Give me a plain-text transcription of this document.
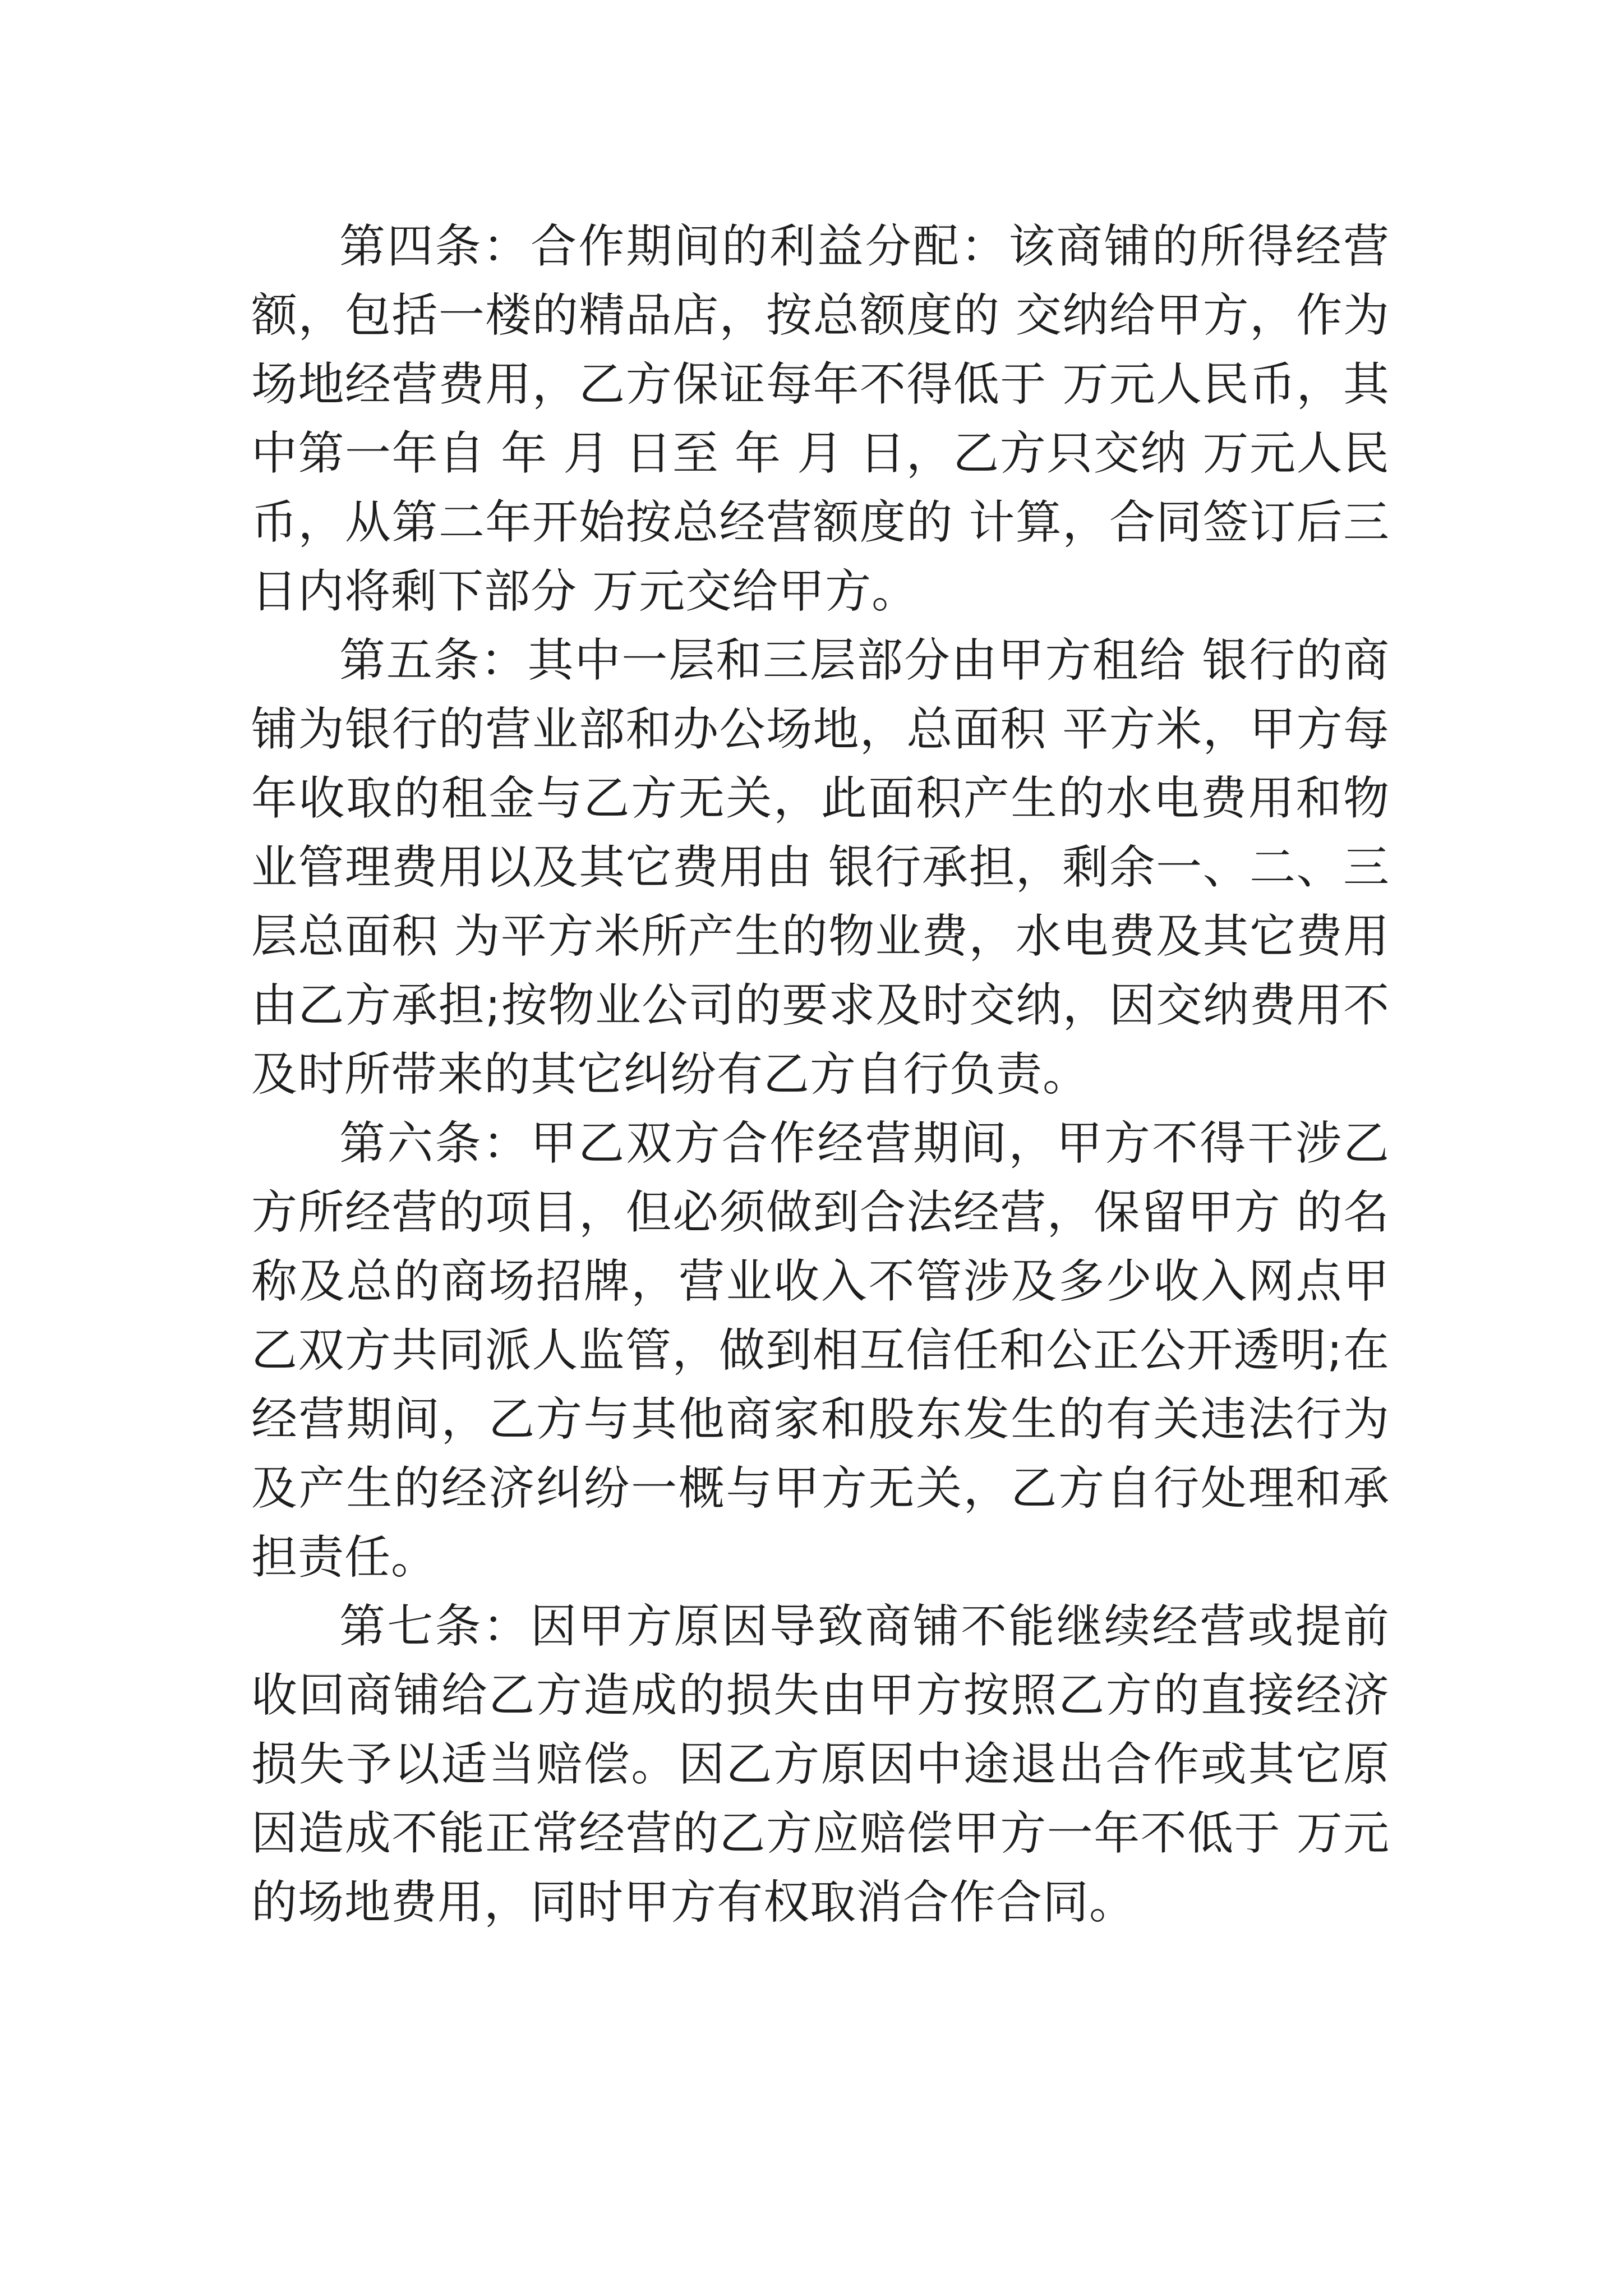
第四条：合作期间的利益分配：该商铺的所得经营额，包括一楼的精品店，按总额度的 交纳给甲方，作为场地经营费用，乙方保证每年不得低于 万元人民币，其中第一年自 年 月 日至 年 月 日，乙方只交纳 万元人民币，从第二年开始按总经营额度的 计算，合同签订后三日内将剩下部分 万元交给甲方。

第五条：其中一层和三层部分由甲方租给 银行的商铺为银行的营业部和办公场地，总面积 平方米，甲方每年收取的租金与乙方无关，此面积产生的水电费用和物业管理费用以及其它费用由 银行承担，剩余一、二、三层总面积 为平方米所产生的物业费，水电费及其它费用由乙方承担;按物业公司的要求及时交纳，因交纳费用不及时所带来的其它纠纷有乙方自行负责。

第六条：甲乙双方合作经营期间，甲方不得干涉乙方所经营的项目，但必须做到合法经营，保留甲方 的名称及总的商场招牌，营业收入不管涉及多少收入网点甲乙双方共同派人监管，做到相互信任和公正公开透明;在经营期间，乙方与其他商家和股东发生的有关违法行为及产生的经济纠纷一概与甲方无关，乙方自行处理和承担责任。

第七条：因甲方原因导致商铺不能继续经营或提前收回商铺给乙方造成的损失由甲方按照乙方的直接经济损失予以适当赔偿。因乙方原因中途退出合作或其它原因造成不能正常经营的乙方应赔偿甲方一年不低于 万元的场地费用，同时甲方有权取消合作合同。
